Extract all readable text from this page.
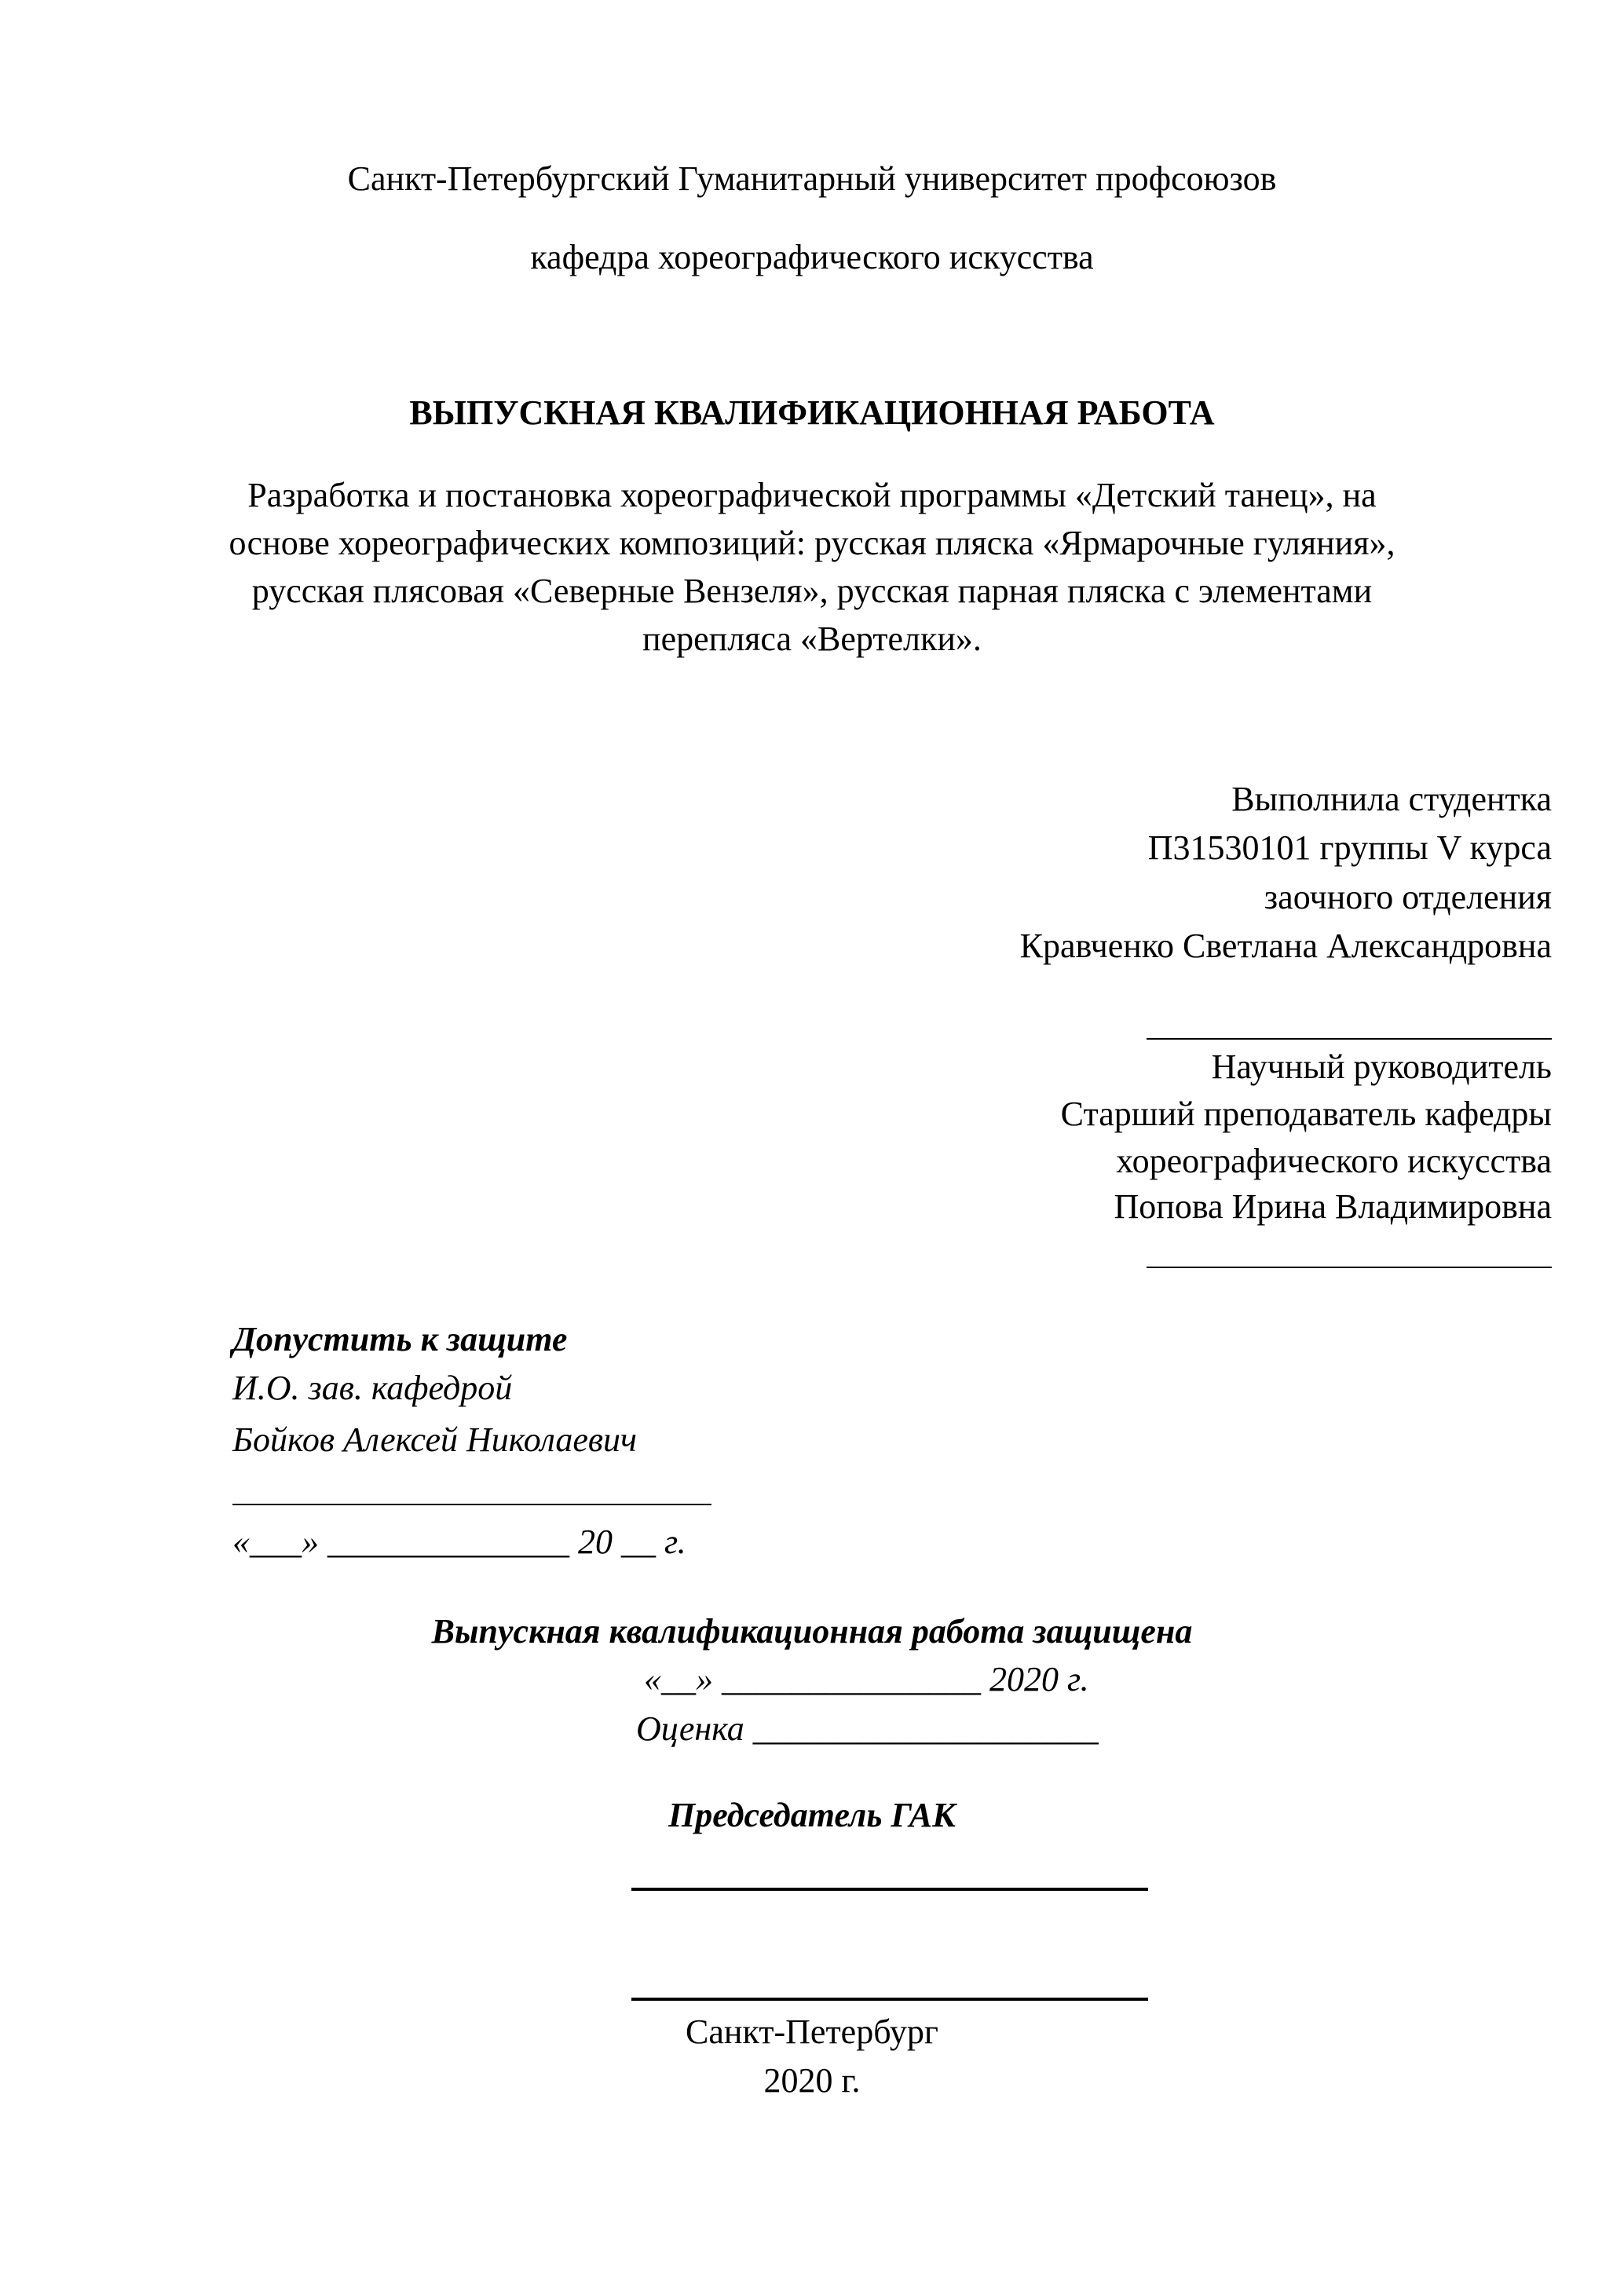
Санкт-Петербургский Гуманитарный университет профсоюзов
кафедра хореографического искусства
ВЫПУСКНАЯ КВАЛИФИКАЦИОННАЯ РАБОТА
Разработка и постановка хореографической программы «Детский танец», на
основе хореографических композиций: русская пляска «Ярмарочные гуляния»,
русская плясовая «Северные Вензеля», русская парная пляска с элементами
перепляса «Вертелки».
Выполнила студентка
П31530101 группы V курса
заочного отделения
Кравченко Светлана Александровна
Научный руководитель
Старший преподаватель кафедры
хореографического искусства
Попова Ирина Владимировна
Допустить к защите
И.О. зав. кафедрой
Бойков Алексей Николаевич
«___» ______________ 20 __ г.
Выпускная квалификационная работа защищена
«__» _______________ 2020 г.
Оценка ____________________
Председатель ГАК
Санкт-Петербург
2020 г.
